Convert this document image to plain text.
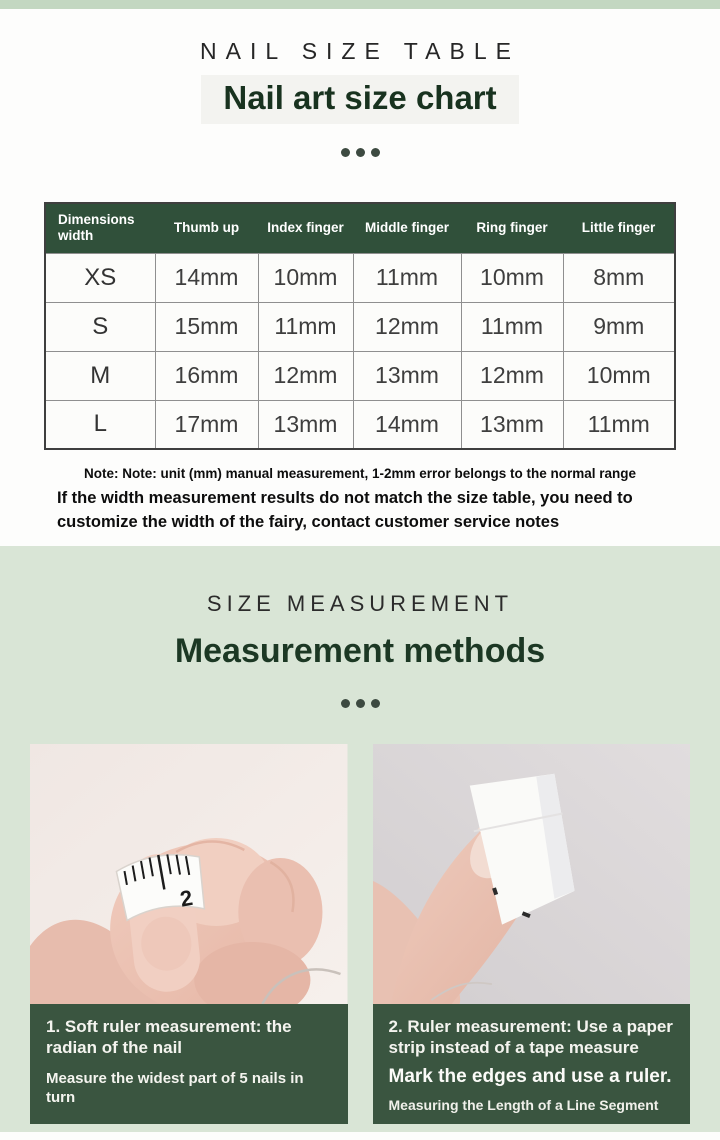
NAIL SIZE TABLE
Nail art size chart
Dimensions width	Thumb up	Index finger	Middle finger	Ring finger	Little finger
XS	14mm	10mm	11mm	10mm	8mm
S	15mm	11mm	12mm	11mm	9mm
M	16mm	12mm	13mm	12mm	10mm
L	17mm	13mm	14mm	13mm	11mm

Note: Note: unit (mm) manual measurement, 1-2mm error belongs to the normal range

If the width measurement results do not match the size table, you need to customize the width of the fairy, contact customer service notes

SIZE MEASUREMENT
Measurement methods
2

1. Soft ruler measurement: the radian of the nail

Measure the widest part of 5 nails in turn

2. Ruler measurement: Use a paper strip instead of a tape measure

Mark the edges and use a ruler.

Measuring the Length of a Line Segment
